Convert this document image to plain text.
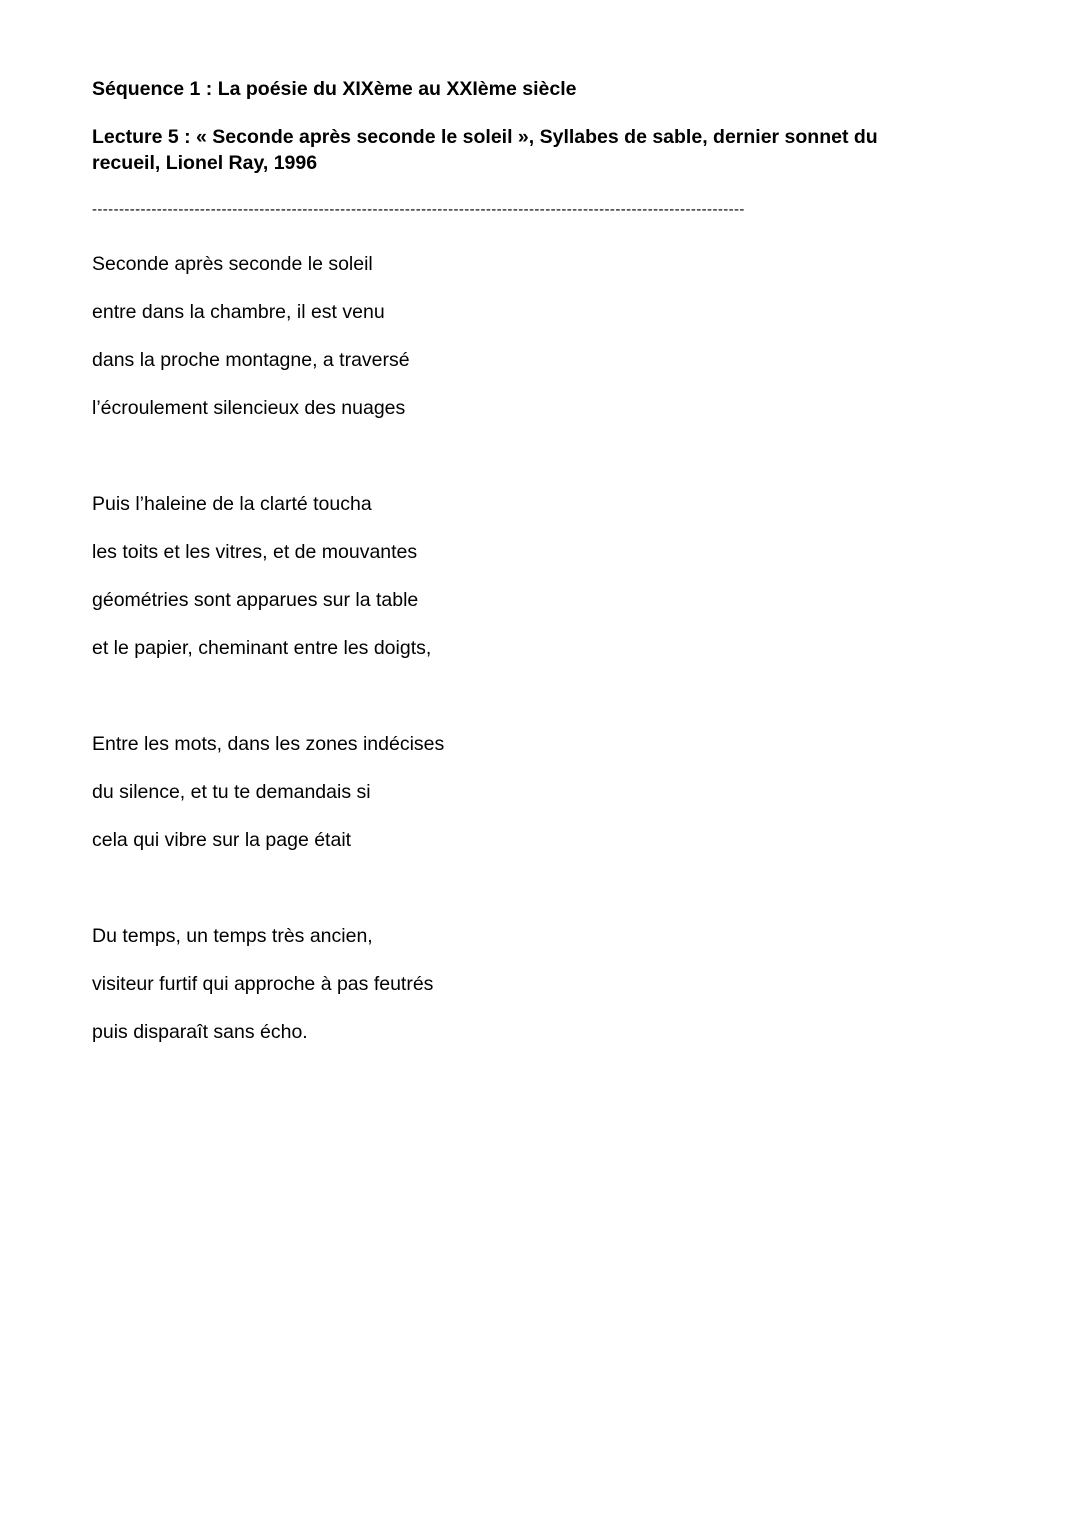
Séquence 1 : La poésie du XIXème au XXIème siècle

Lecture 5 : « Seconde après seconde le soleil », Syllabes de sable, dernier sonnet du recueil, Lionel Ray, 1996

-------------------------------------------------------------------------------------------------------------------------
Seconde après seconde le soleil
entre dans la chambre, il est venu
dans la proche montagne, a traversé
l’écroulement silencieux des nuages
Puis l’haleine de la clarté toucha
les toits et les vitres, et de mouvantes
géométries sont apparues sur la table
et le papier, cheminant entre les doigts,
Entre les mots, dans les zones indécises
du silence, et tu te demandais si
cela qui vibre sur la page était
Du temps, un temps très ancien,
visiteur furtif qui approche à pas feutrés
puis disparaît sans écho.
